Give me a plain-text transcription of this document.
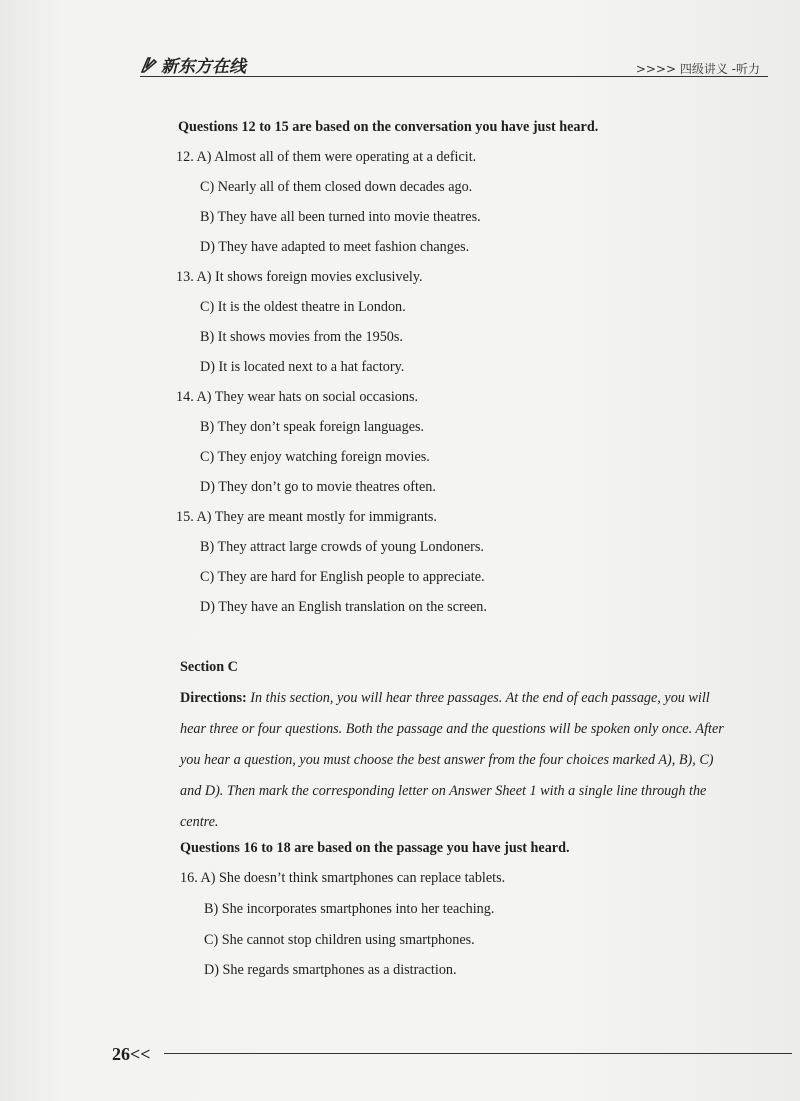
新东方在线	>>>> 四级讲义 -听力
Questions 12 to 15 are based on the conversation you have just heard.
12. A) Almost all of them were operating at a deficit.
C) Nearly all of them closed down decades ago.
B) They have all been turned into movie theatres.
D) They have adapted to meet fashion changes.
13. A) It shows foreign movies exclusively.
C) It is the oldest theatre in London.
B) It shows movies from the 1950s.
D) It is located next to a hat factory.
14. A) They wear hats on social occasions.
B) They don’t speak foreign languages.
C) They enjoy watching foreign movies.
D) They don’t go to movie theatres often.
15. A) They are meant mostly for immigrants.
B) They attract large crowds of young Londoners.
C) They are hard for English people to appreciate.
D) They have an English translation on the screen.
Section C
Directions: In this section, you will hear three passages. At the end of each passage, you will
hear three or four questions. Both the passage and the questions will be spoken only once. After
you hear a question, you must choose the best answer from the four choices marked A), B), C)
and D). Then mark the corresponding letter on Answer Sheet 1 with a single line through the
centre.
Questions 16 to 18 are based on the passage you have just heard.
16. A) She doesn’t think smartphones can replace tablets.
B) She incorporates smartphones into her teaching.
C) She cannot stop children using smartphones.
D) She regards smartphones as a distraction.
26<<
